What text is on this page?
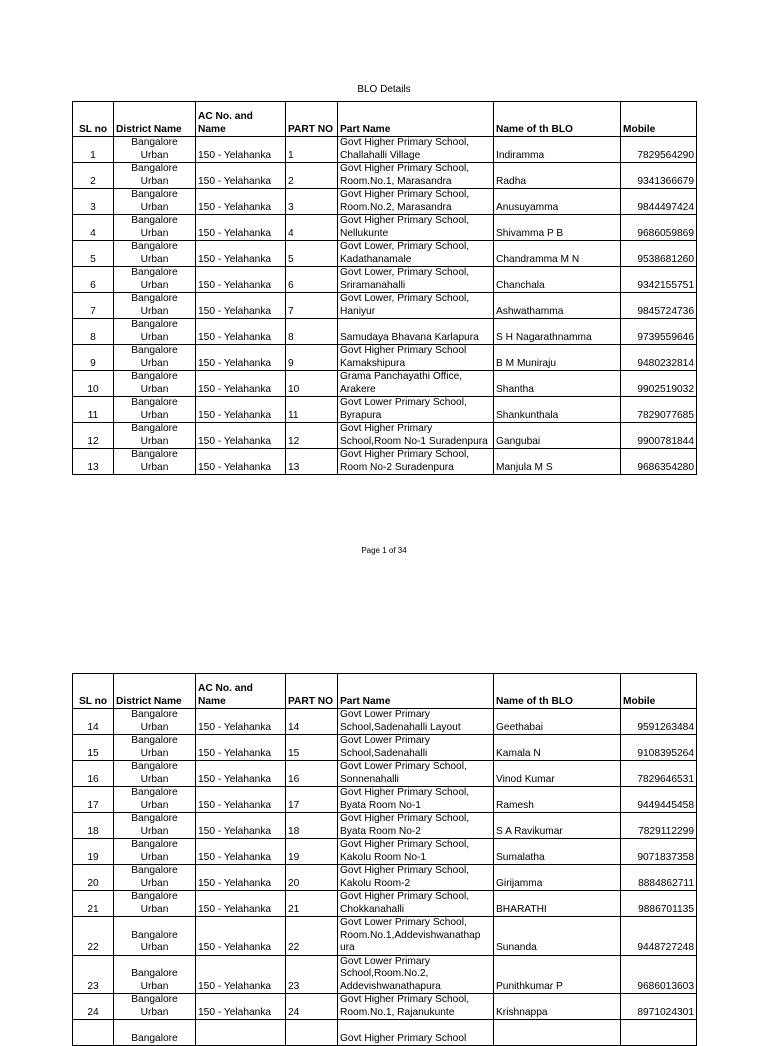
BLO Details
SL no	District Name	AC No. and Name	PART NO	Part Name	Name of th BLO	Mobile
1	Bangalore Urban	150 - Yelahanka	1	Govt Higher Primary School, Challahalli Village	Indiramma	7829564290
2	Bangalore Urban	150 - Yelahanka	2	Govt Higher Primary School, Room.No.1, Marasandra	Radha	9341366679
3	Bangalore Urban	150 - Yelahanka	3	Govt Higher Primary School, Room.No.2, Marasandra	Anusuyamma	9844497424
4	Bangalore Urban	150 - Yelahanka	4	Govt Higher Primary School, Nellukunte	Shivamma P B	9686059869
5	Bangalore Urban	150 - Yelahanka	5	Govt Lower, Primary School, Kadathanamale	Chandramma M N	9538681260
6	Bangalore Urban	150 - Yelahanka	6	Govt Lower, Primary School, Sriramanahalli	Chanchala	9342155751
7	Bangalore Urban	150 - Yelahanka	7	Govt Lower, Primary School, Haniyur	Ashwathamma	9845724736
8	Bangalore Urban	150 - Yelahanka	8	Samudaya Bhavana Karlapura	S H Nagarathnamma	9739559646
9	Bangalore Urban	150 - Yelahanka	9	Govt Higher Primary School Kamakshipura	B M Muniraju	9480232814
10	Bangalore Urban	150 - Yelahanka	10	Grama Panchayathi Office, Arakere	Shantha	9902519032
11	Bangalore Urban	150 - Yelahanka	11	Govt Lower Primary School, Byrapura	Shankunthala	7829077685
12	Bangalore Urban	150 - Yelahanka	12	Govt Higher Primary School,Room No-1 Suradenpura	Gangubai	9900781844
13	Bangalore Urban	150 - Yelahanka	13	Govt Higher Primary School, Room No-2 Suradenpura	Manjula M S	9686354280
Page 1 of 34
SL no	District Name	AC No. and Name	PART NO	Part Name	Name of th BLO	Mobile
14	Bangalore Urban	150 - Yelahanka	14	Govt Lower Primary School,Sadenahalli Layout	Geethabai	9591263484
15	Bangalore Urban	150 - Yelahanka	15	Govt Lower Primary School,Sadenahalli	Kamala N	9108395264
16	Bangalore Urban	150 - Yelahanka	16	Govt Lower Primary School, Sonnenahalli	Vinod Kumar	7829646531
17	Bangalore Urban	150 - Yelahanka	17	Govt Higher Primary School, Byata Room No-1	Ramesh	9449445458
18	Bangalore Urban	150 - Yelahanka	18	Govt Higher Primary School, Byata Room No-2	S A Ravikumar	7829112299
19	Bangalore Urban	150 - Yelahanka	19	Govt Higher Primary School, Kakolu Room No-1	Sumalatha	9071837358
20	Bangalore Urban	150 - Yelahanka	20	Govt Higher Primary School, Kakolu Room-2	Girijamma	8884862711
21	Bangalore Urban	150 - Yelahanka	21	Govt Higher Primary School, Chokkanahalli	BHARATHI	9886701135
22	Bangalore Urban	150 - Yelahanka	22	Govt Lower Primary School, Room.No.1,Addevishwanathap ura	Sunanda	9448727248
23	Bangalore Urban	150 - Yelahanka	23	Govt Lower Primary School,Room.No.2, Addevishwanathapura	Punithkumar P	9686013603
24	Bangalore Urban	150 - Yelahanka	24	Govt Higher Primary School, Room.No.1, Rajanukunte	Krishnappa	8971024301
	Bangalore			Govt Higher Primary School		
